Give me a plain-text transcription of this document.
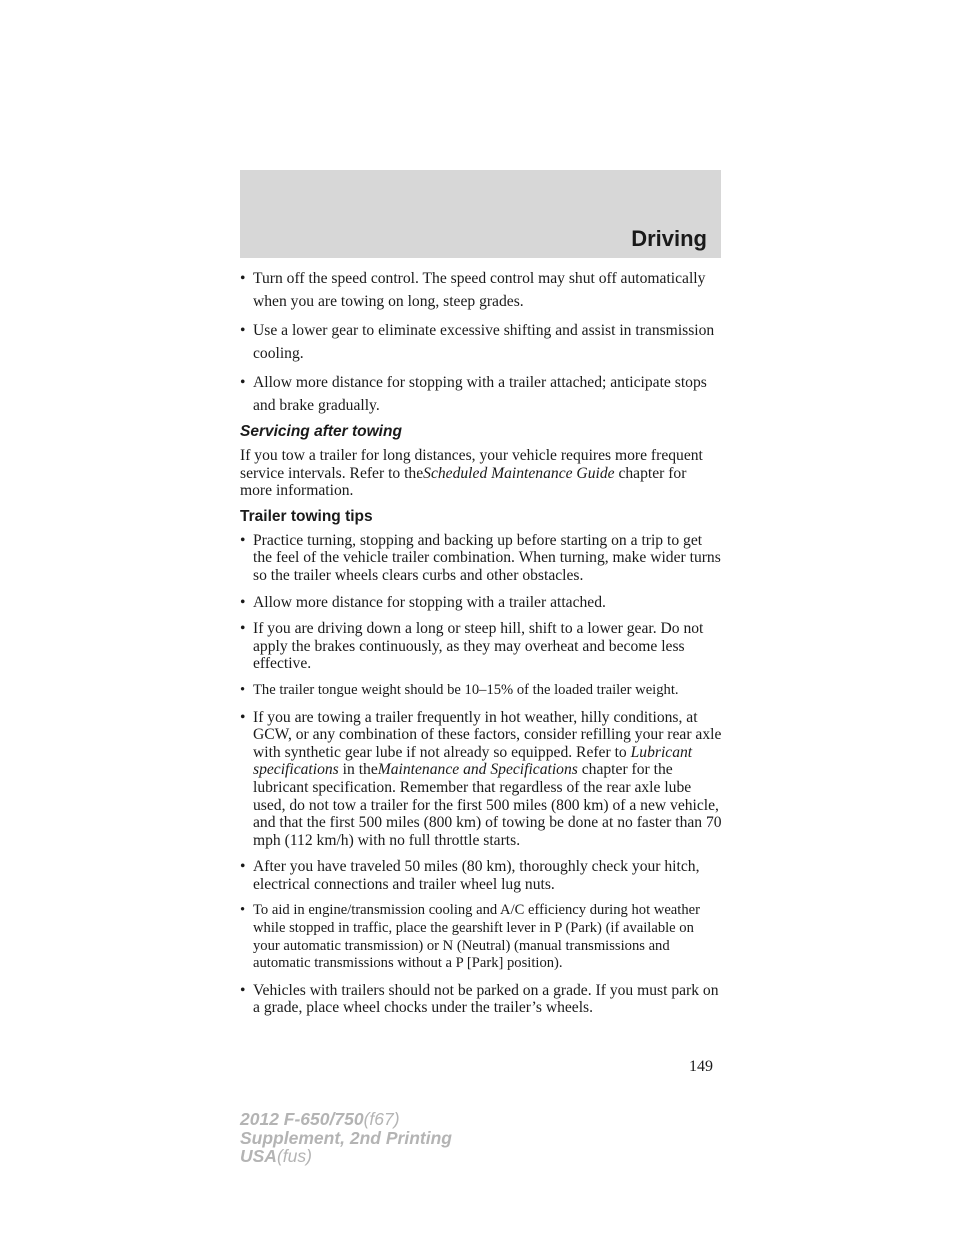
Driving
• Turn off the speed control. The speed control may shut off automatically when you are towing on long, steep grades.
• Use a lower gear to eliminate excessive shifting and assist in transmission cooling.
• Allow more distance for stopping with a trailer attached; anticipate stops and brake gradually.
Servicing after towing

If you tow a trailer for long distances, your vehicle requires more frequent service intervals. Refer to theScheduled Maintenance Guide chapter for more information.

Trailer towing tips
• Practice turning, stopping and backing up before starting on a trip to get the feel of the vehicle trailer combination. When turning, make wider turns so the trailer wheels clears curbs and other obstacles.
• Allow more distance for stopping with a trailer attached.
• If you are driving down a long or steep hill, shift to a lower gear. Do not apply the brakes continuously, as they may overheat and become less effective.
• The trailer tongue weight should be 10–15% of the loaded trailer weight.
• If you are towing a trailer frequently in hot weather, hilly conditions, at GCW, or any combination of these factors, consider refilling your rear axle with synthetic gear lube if not already so equipped. Refer to Lubricant specifications in theMaintenance and Specifications chapter for the lubricant specification. Remember that regardless of the rear axle lube used, do not tow a trailer for the first 500 miles (800 km) of a new vehicle, and that the first 500 miles (800 km) of towing be done at no faster than 70 mph (112 km/h) with no full throttle starts.
• After you have traveled 50 miles (80 km), thoroughly check your hitch, electrical connections and trailer wheel lug nuts.
• To aid in engine/transmission cooling and A/C efficiency during hot weather while stopped in traffic, place the gearshift lever in P (Park) (if available on your automatic transmission) or N (Neutral) (manual transmissions and automatic transmissions without a P [Park] position).
• Vehicles with trailers should not be parked on a grade. If you must park on a grade, place wheel chocks under the trailer’s wheels.
149
2012 F-650/750(f67)
Supplement, 2nd Printing
USA(fus)
